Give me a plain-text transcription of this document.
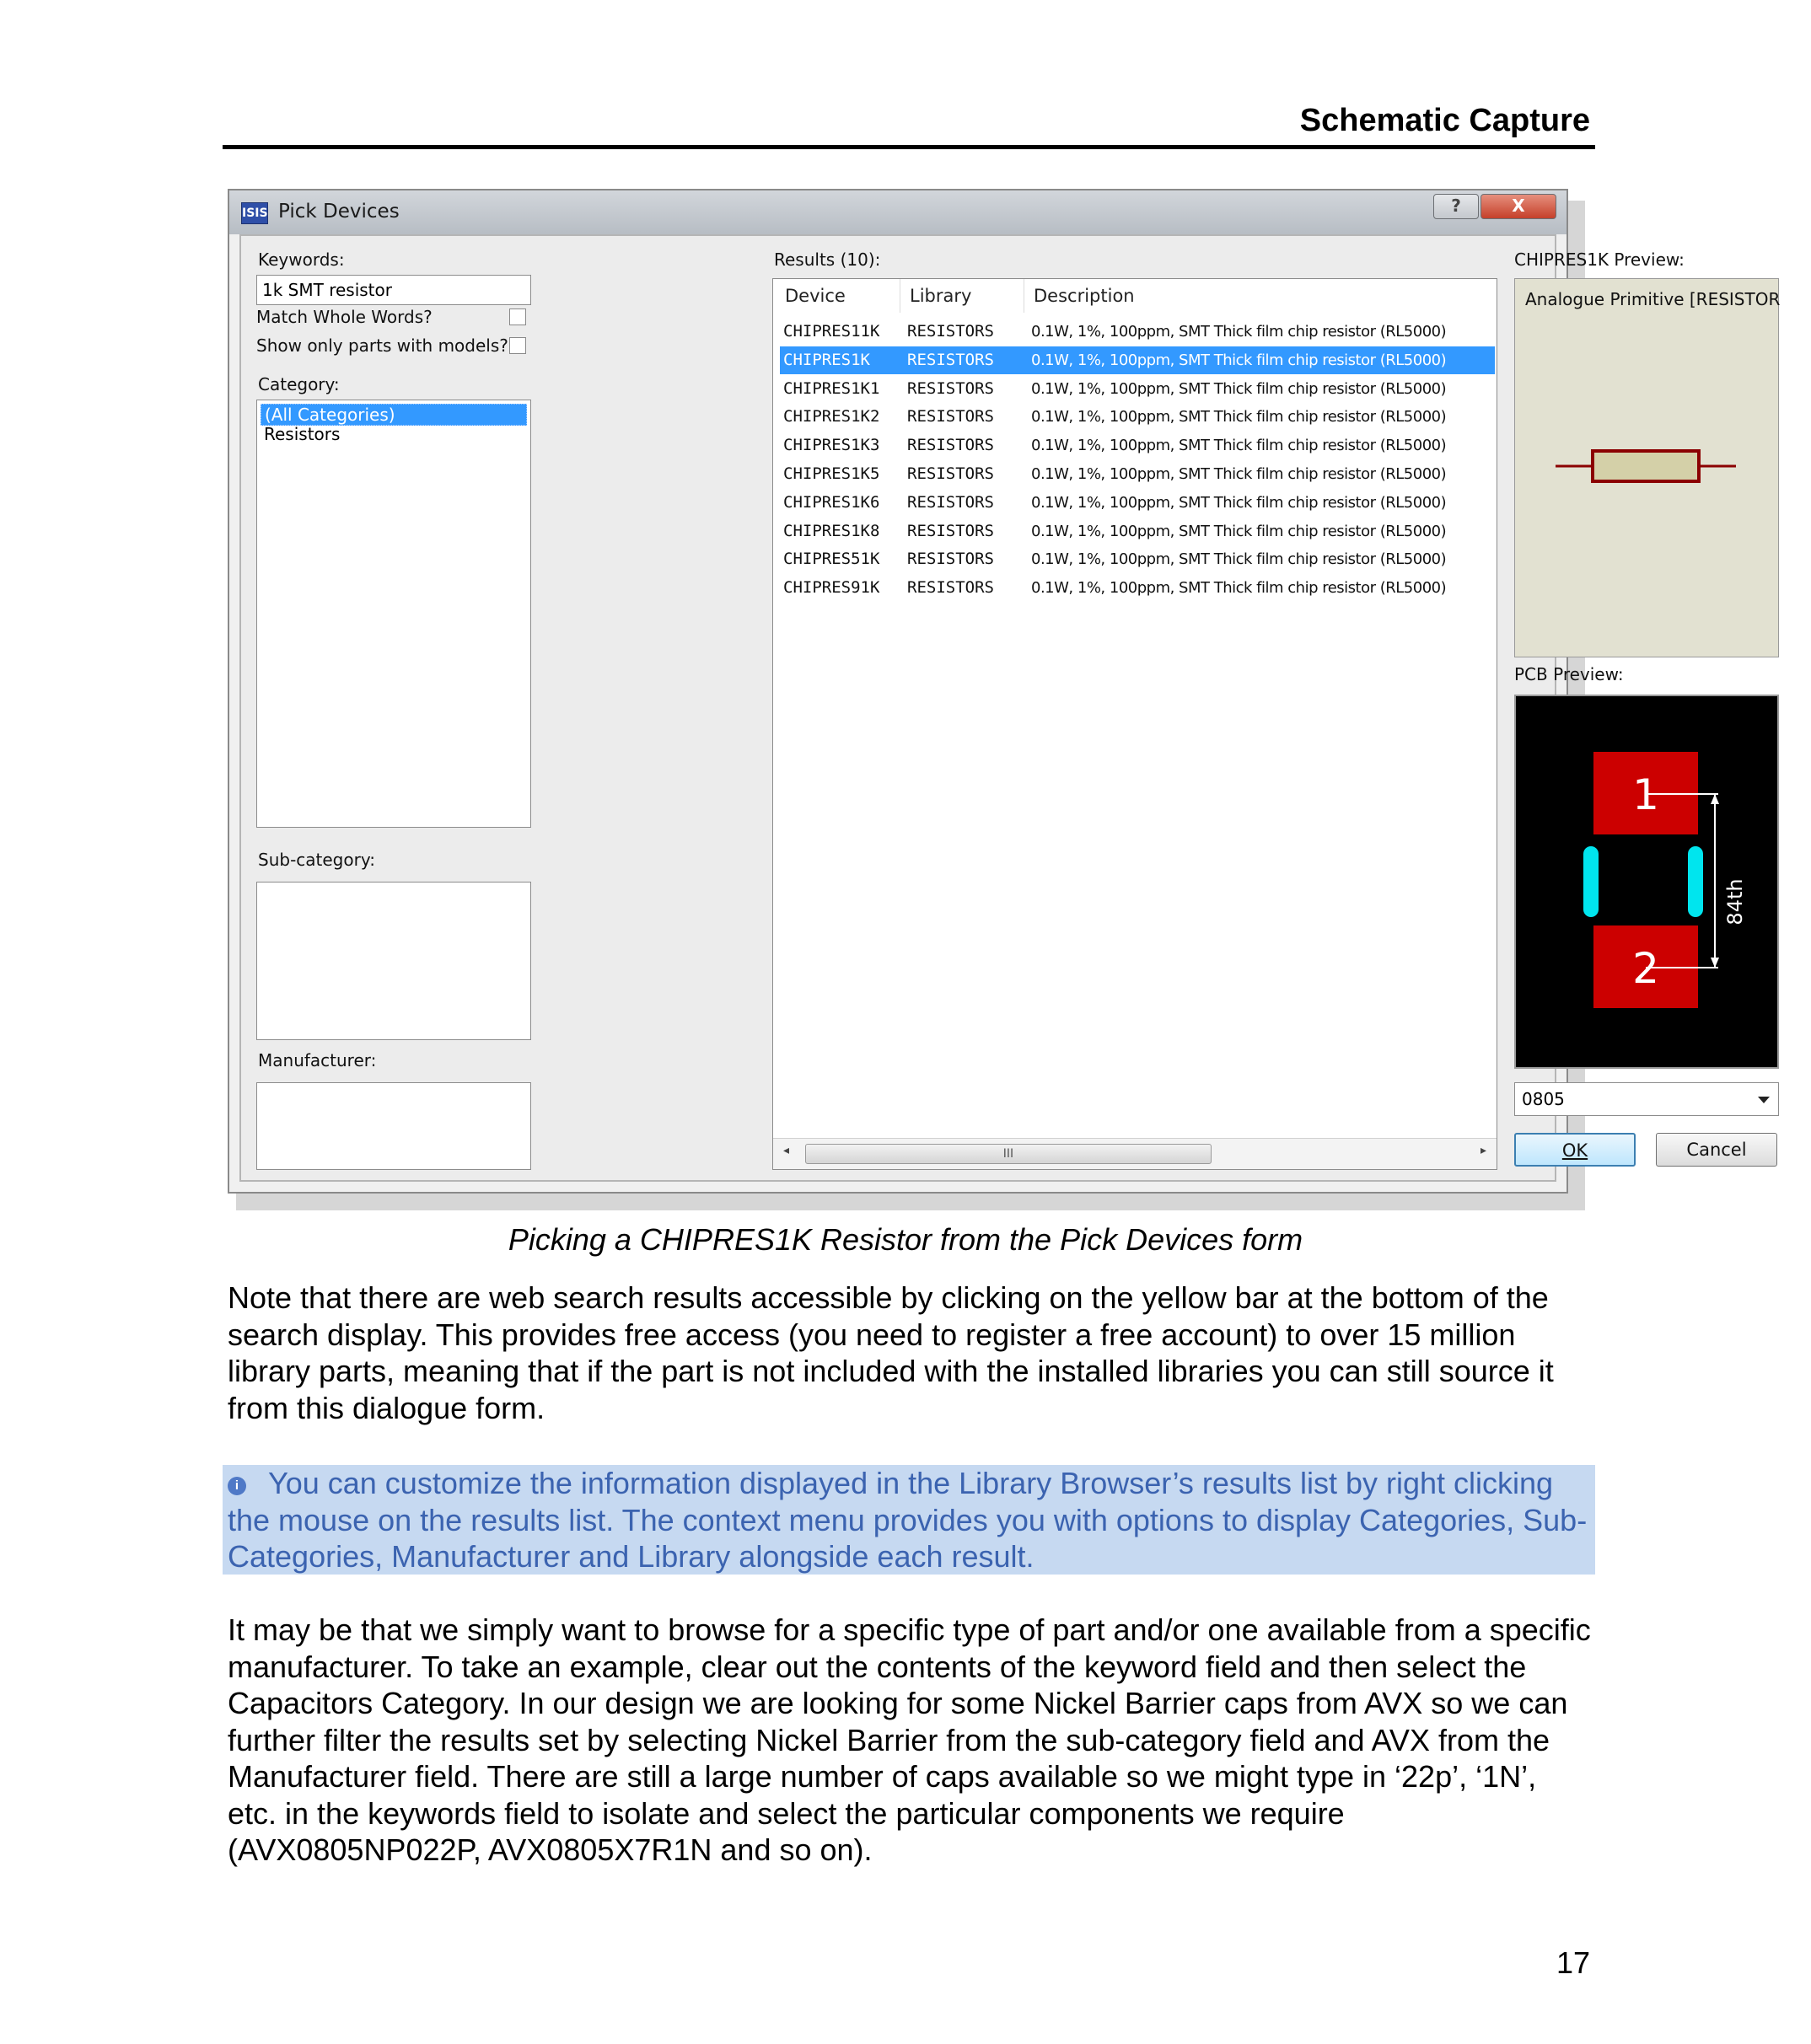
Schematic Capture
ISIS Pick Devices	?	X
Keywords:
1k SMT resistor
Match Whole Words?
Show only parts with models?
Category:
(All Categories)
Resistors
Sub-category:
Manufacturer:
Results (10):
Device	Library	Description
CHIPRES11K RESISTORS 0.1W, 1%, 100ppm, SMT Thick film chip resistor (RL5000)
CHIPRES1K RESISTORS 0.1W, 1%, 100ppm, SMT Thick film chip resistor (RL5000)
CHIPRES1K1 RESISTORS 0.1W, 1%, 100ppm, SMT Thick film chip resistor (RL5000)
CHIPRES1K2 RESISTORS 0.1W, 1%, 100ppm, SMT Thick film chip resistor (RL5000)
CHIPRES1K3 RESISTORS 0.1W, 1%, 100ppm, SMT Thick film chip resistor (RL5000)
CHIPRES1K5 RESISTORS 0.1W, 1%, 100ppm, SMT Thick film chip resistor (RL5000)
CHIPRES1K6 RESISTORS 0.1W, 1%, 100ppm, SMT Thick film chip resistor (RL5000)
CHIPRES1K8 RESISTORS 0.1W, 1%, 100ppm, SMT Thick film chip resistor (RL5000)
CHIPRES51K RESISTORS 0.1W, 1%, 100ppm, SMT Thick film chip resistor (RL5000)
CHIPRES91K RESISTORS 0.1W, 1%, 100ppm, SMT Thick film chip resistor (RL5000)
◂	III	▸
CHIPRES1K Preview:
Analogue Primitive [RESISTOR
PCB Preview:
1
2
84th
0805
OK	Cancel
Picking a CHIPRES1K Resistor from the Pick Devices form
Note that there are web search results accessible by clicking on the yellow bar at the bottom of the search display. This provides free access (you need to register a free account) to over 15 million library parts, meaning that if the part is not included with the installed libraries you can still source it from this dialogue form.
i You can customize the information displayed in the Library Browser’s results list by right clicking the mouse on the results list. The context menu provides you with options to display Categories, Sub-Categories, Manufacturer and Library alongside each result.
It may be that we simply want to browse for a specific type of part and/or one available from a specific manufacturer. To take an example, clear out the contents of the keyword field and then select the Capacitors Category. In our design we are looking for some Nickel Barrier caps from AVX so we can further filter the results set by selecting Nickel Barrier from the sub-category field and AVX from the Manufacturer field. There are still a large number of caps available so we might type in ‘22p’, ‘1N’, etc. in the keywords field to isolate and select the particular components we require (AVX0805NP022P, AVX0805X7R1N and so on).
17
